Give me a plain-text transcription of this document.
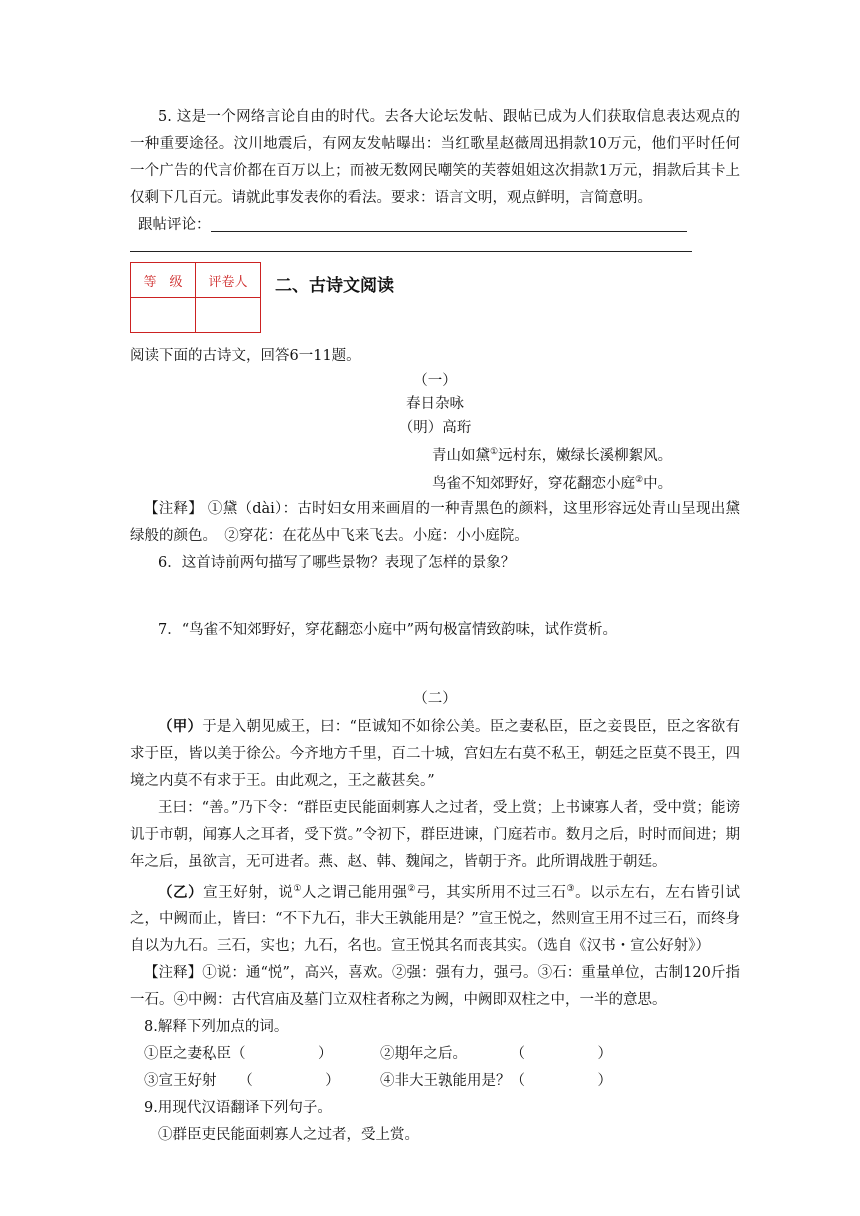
5. 这是一个网络言论自由的时代。去各大论坛发帖、跟帖已成为人们获取信息表达观点的一种重要途径。汶川地震后，有网友发帖曝出：当红歌星赵薇周迅捐款10万元，他们平时任何一个广告的代言价都在百万以上；而被无数网民嘲笑的芙蓉姐姐这次捐款1万元，捐款后其卡上仅剩下几百元。请就此事发表你的看法。要求：语言文明，观点鲜明，言简意明。

跟帖评论：

等　级	评卷人
	二、古诗文阅读

阅读下面的古诗文，回答6一11题。

（一）

春日杂咏

（明）高珩

青山如黛①远村东，嫩绿长溪柳絮风。

鸟雀不知郊野好，穿花翻恋小庭②中。

【注释】 ①黛（dài）：古时妇女用来画眉的一种青黑色的颜料，这里形容远处青山呈现出黛绿般的颜色。　②穿花：在花丛中飞来飞去。小庭：小小庭院。

6．这首诗前两句描写了哪些景物？表现了怎样的景象？

7．“鸟雀不知郊野好，穿花翻恋小庭中”两句极富情致韵味，试作赏析。

（二）

（甲）于是入朝见威王，曰：“臣诚知不如徐公美。臣之妻私臣，臣之妾畏臣，臣之客欲有求于臣，皆以美于徐公。今齐地方千里，百二十城，宫妇左右莫不私王，朝廷之臣莫不畏王，四境之内莫不有求于王。由此观之，王之蔽甚矣。”

王曰：“善。”乃下令：“群臣吏民能面刺寡人之过者，受上赏；上书谏寡人者，受中赏；能谤讥于市朝，闻寡人之耳者，受下赏。”令初下，群臣进谏，门庭若市。数月之后，时时而间进；期年之后，虽欲言，无可进者。燕、赵、韩、魏闻之，皆朝于齐。此所谓战胜于朝廷。

（乙）宣王好射，说①人之谓己能用强②弓，其实所用不过三石③。以示左右，左右皆引试之，中阙而止，皆曰：“不下九石，非大王孰能用是？”宣王悦之，然则宣王用不过三石，而终身自以为九石。三石，实也；九石，名也。宣王悦其名而丧其实。（选自《汉书・宣公好射》）

【注释】①说：通“悦”，高兴，喜欢。②强：强有力，强弓。③石：重量单位，古制120斤指一石。④中阙：古代宫庙及墓门立双柱者称之为阙，中阙即双柱之中，一半的意思。

8.解释下列加点的词。

①臣之妻私臣（　　　　　）	②期年之后。　　　　（　　　　　）
③宣王好射　　（　　　　　）	④非大王孰能用是？（　　　　　）

9.用现代汉语翻译下列句子。

①群臣吏民能面刺寡人之过者，受上赏。
